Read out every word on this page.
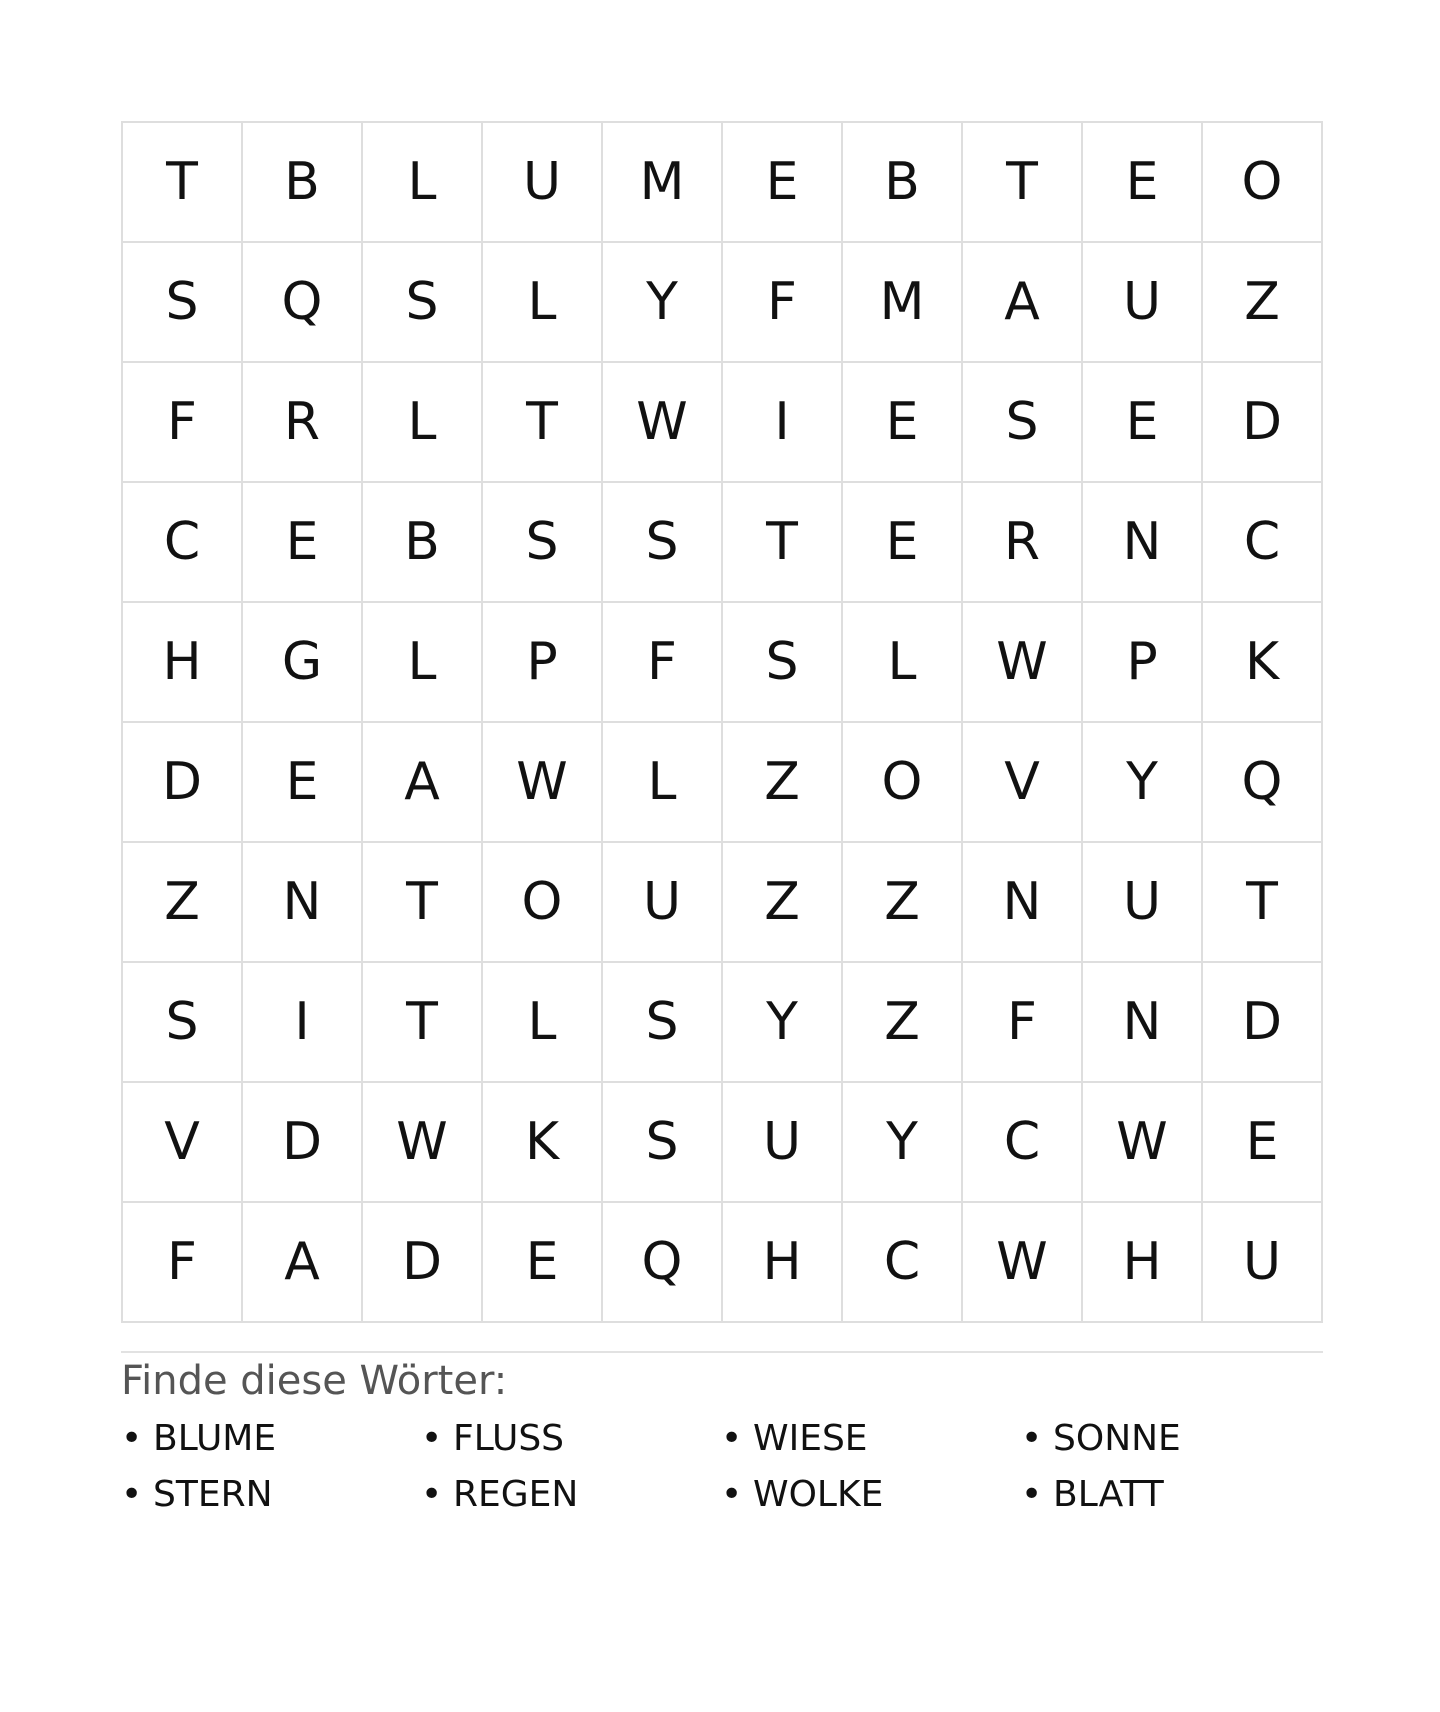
T	B	L	U	M	E	B	T	E	O
S	Q	S	L	Y	F	M	A	U	Z
F	R	L	T	W	I	E	S	E	D
C	E	B	S	S	T	E	R	N	C
H	G	L	P	F	S	L	W	P	K
D	E	A	W	L	Z	O	V	Y	Q
Z	N	T	O	U	Z	Z	N	U	T
S	I	T	L	S	Y	Z	F	N	D
V	D	W	K	S	U	Y	C	W	E
F	A	D	E	Q	H	C	W	H	U
Finde diese Wörter:
• BLUME	• FLUSS	• WIESE	• SONNE
• STERN	• REGEN	• WOLKE	• BLATT
